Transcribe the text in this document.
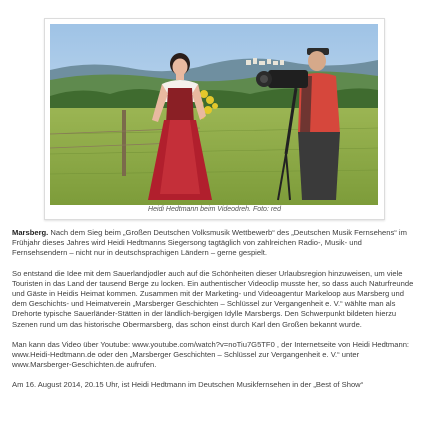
Heidi Hedtmann beim Videodreh. Foto: red

Marsberg. Nach dem Sieg beim „Großen Deutschen Volksmusik Wettbewerb“ des „Deutschen Musik Fernsehens“ im Frühjahr dieses Jahres wird Heidi Hedtmanns Siegersong tagtäglich von zahlreichen Radio-, Musik- und Fernsehsendern – nicht nur in deutschsprachigen Ländern – gerne gespielt.

So entstand die Idee mit dem Sauerlandjodler auch auf die Schönheiten dieser Urlaubsregion hinzuweisen, um viele Touristen in das Land der tausend Berge zu locken. Ein authentischer Videoclip musste her, so dass auch Naturfreunde und Gäste in Heidis Heimat kommen. Zusammen mit der Marketing- und Videoagentur Markeloop aus Marsberg und dem Geschichts- und Heimatverein „Marsberger Geschichten – Schlüssel zur Vergangenheit e. V.“ wählte man als Drehorte typische Sauerländer-Stätten in der ländlich-bergigen Idylle Marsbergs. Den Schwerpunkt bildeten hierzu Szenen rund um das historische Obermarsberg, das schon einst durch Karl den Großen bekannt wurde.

Man kann das Video über Youtube: www.youtube.com/watch?v=noTiu7G5TF0 , der Internetseite von Heidi Hedtmann: www.Heidi-Hedtmann.de oder den „Marsberger Geschichten – Schlüssel zur Vergangenheit e. V.“ unter www.Marsberger-Geschichten.de aufrufen.

Am 16. August 2014, 20.15 Uhr, ist Heidi Hedtmann im Deutschen Musikfernsehen in der „Best of Show“
